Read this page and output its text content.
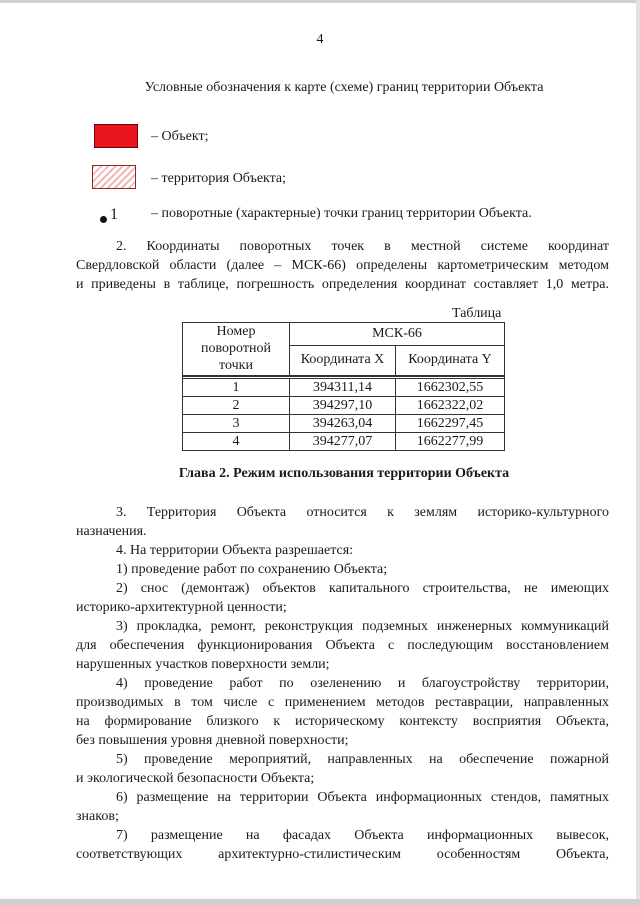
4
Условные обозначения к карте (схеме) границ территории Объекта
– Объект;
– территория Объекта;
1 – поворотные (характерные) точки границ территории Объекта.
2. Координаты поворотных точек в местной системе координат
Свердловской области (далее – МСК-66) определены картометрическим методом
и приведены в таблице, погрешность определения координат составляет 1,0 метра.
Таблица
Номер
поворотной
точки	МСК-66	
	Координата X	Координата Y

1	394311,14	1662302,55
2	394297,10	1662322,02
3	394263,04	1662297,45
4	394277,07	1662277,99
Глава 2. Режим использования территории Объекта
3. Территория Объекта относится к землям историко-культурного
назначения.
4. На территории Объекта разрешается:
1) проведение работ по сохранению Объекта;
2) снос (демонтаж) объектов капитального строительства, не имеющих
историко-архитектурной ценности;
3) прокладка, ремонт, реконструкция подземных инженерных коммуникаций
для обеспечения функционирования Объекта с последующим восстановлением
нарушенных участков поверхности земли;
4) проведение работ по озеленению и благоустройству территории,
производимых в том числе с применением методов реставрации, направленных
на формирование близкого к историческому контексту восприятия Объекта,
без повышения уровня дневной поверхности;
5) проведение мероприятий, направленных на обеспечение пожарной
и экологической безопасности Объекта;
6) размещение на территории Объекта информационных стендов, памятных
знаков;
7) размещение на фасадах Объекта информационных вывесок,
соответствующих архитектурно-стилистическим особенностям Объекта,
